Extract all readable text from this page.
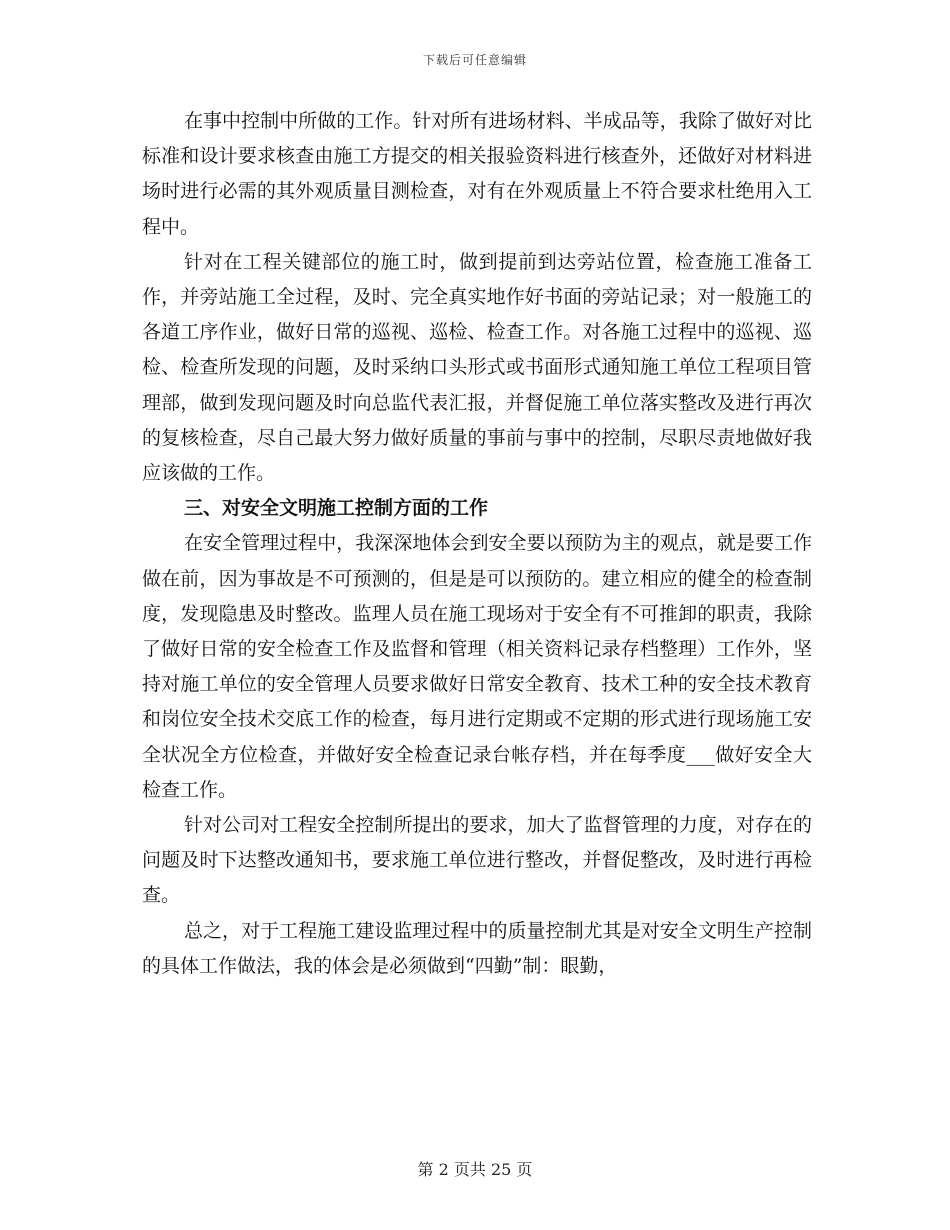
下载后可任意编辑

在事中控制中所做的工作。针对所有进场材料、半成品等，我除了做好对比标准和设计要求核查由施工方提交的相关报验资料进行核查外，还做好对材料进场时进行必需的其外观质量目测检查，对有在外观质量上不符合要求杜绝用入工程中。

针对在工程关键部位的施工时，做到提前到达旁站位置，检查施工准备工作，并旁站施工全过程，及时、完全真实地作好书面的旁站记录；对一般施工的各道工序作业，做好日常的巡视、巡检、检查工作。对各施工过程中的巡视、巡检、检查所发现的问题，及时采纳口头形式或书面形式通知施工单位工程项目管理部，做到发现问题及时向总监代表汇报，并督促施工单位落实整改及进行再次的复核检查，尽自己最大努力做好质量的事前与事中的控制，尽职尽责地做好我应该做的工作。

三、对安全文明施工控制方面的工作

在安全管理过程中，我深深地体会到安全要以预防为主的观点，就是要工作做在前，因为事故是不可预测的，但是是可以预防的。建立相应的健全的检查制度，发现隐患及时整改。监理人员在施工现场对于安全有不可推卸的职责，我除了做好日常的安全检查工作及监督和管理（相关资料记录存档整理）工作外，坚持对施工单位的安全管理人员要求做好日常安全教育、技术工种的安全技术教育和岗位安全技术交底工作的检查，每月进行定期或不定期的形式进行现场施工安全状况全方位检查，并做好安全检查记录台帐存档，并在每季度___做好安全大检查工作。

针对公司对工程安全控制所提出的要求，加大了监督管理的力度，对存在的问题及时下达整改通知书，要求施工单位进行整改，并督促整改，及时进行再检查。

总之，对于工程施工建设监理过程中的质量控制尤其是对安全文明生产控制的具体工作做法，我的体会是必须做到“四勤”制：眼勤，

第 2 页共 25 页
